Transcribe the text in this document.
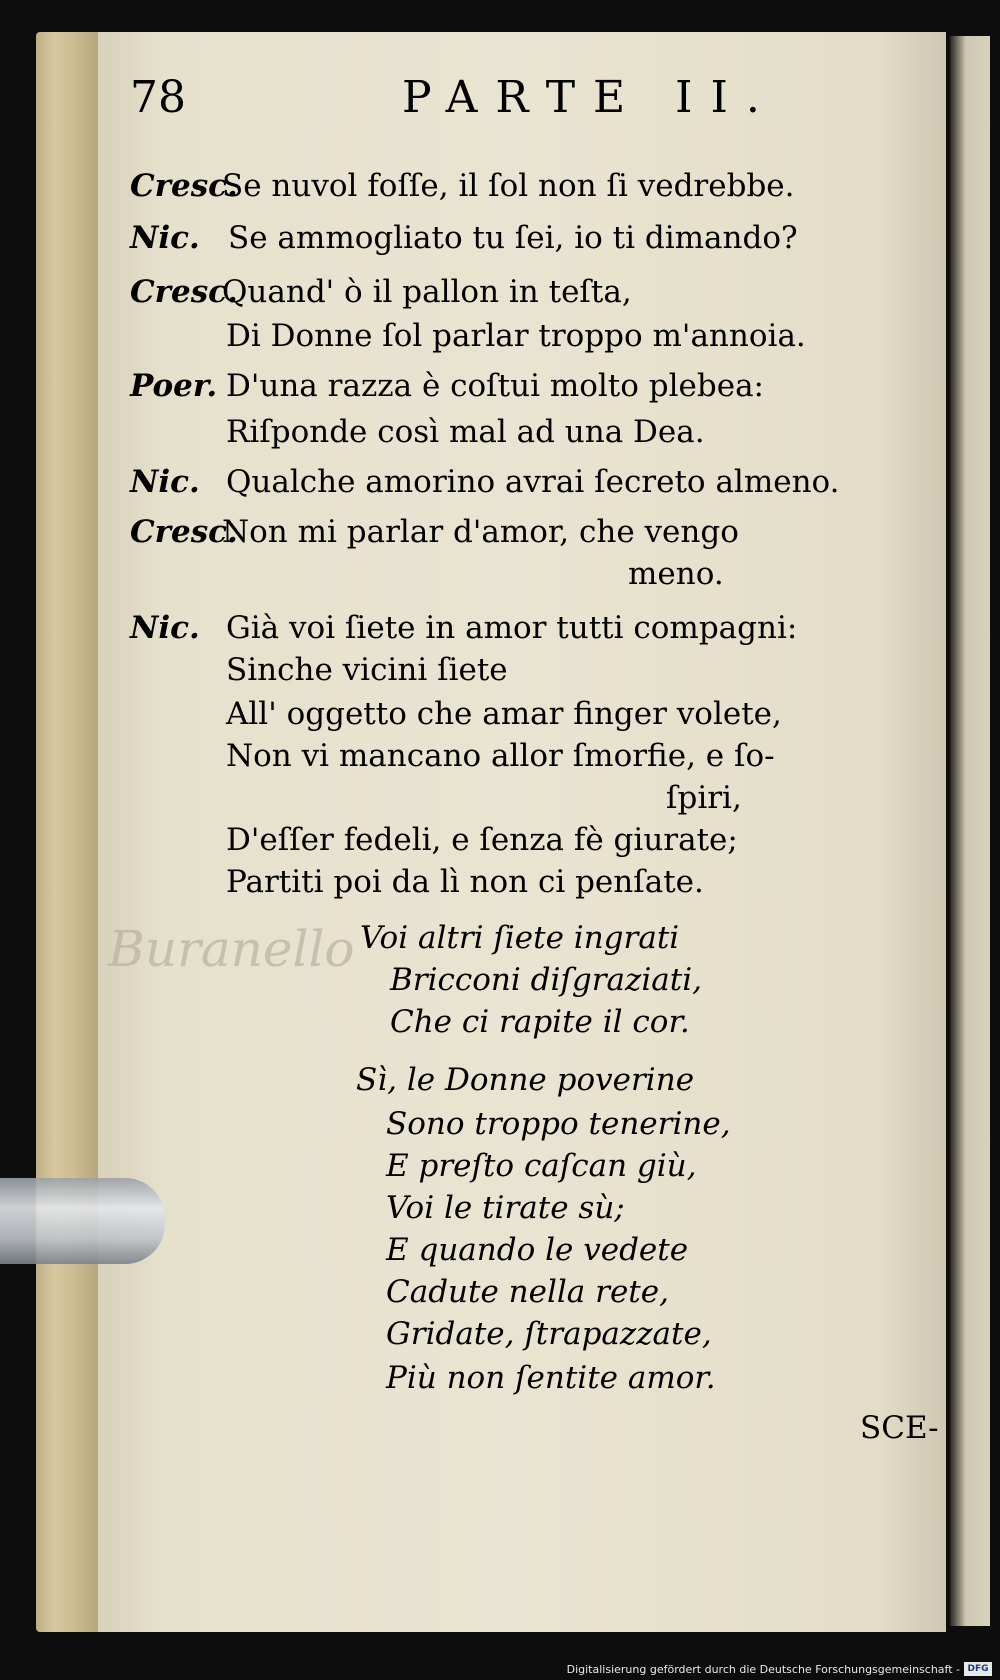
Buranello
78	PARTE II.
Cresc.
Se nuvol foſſe, il ſol non ſi vedrebbe.
Nic. Se ammogliato tu ſei, io ti dimando?
Cresc.
Quand' ò il pallon in teſta,
Di Donne ſol parlar troppo m'annoia.
Poer. D'una razza è coſtui molto plebea:
Riſponde così mal ad una Dea.
Nic. Qualche amorino avrai ſecreto almeno.
Cresc.
Non mi parlar d'amor, che vengo
meno.
Nic. Già voi ſiete in amor tutti compagni:
Sinche vicini ſiete
All' oggetto che amar finger volete,
Non vi mancano allor ſmorfie, e ſo-
ſpiri,
D'eſſer fedeli, e ſenza fè giurate;
Partiti poi da lì non ci penſate.
Voi altri ſiete ingrati
Bricconi diſgraziati,
Che ci rapite il cor.
Sì, le Donne poverine
Sono troppo tenerine,
E preſto caſcan giù,
Voi le tirate sù;
E quando le vedete
Cadute nella rete,
Gridate, ſtrapazzate,
Più non ſentite amor.
SCE-
Digitalisierung gefördert durch die Deutsche Forschungsgemeinschaft - DFG
